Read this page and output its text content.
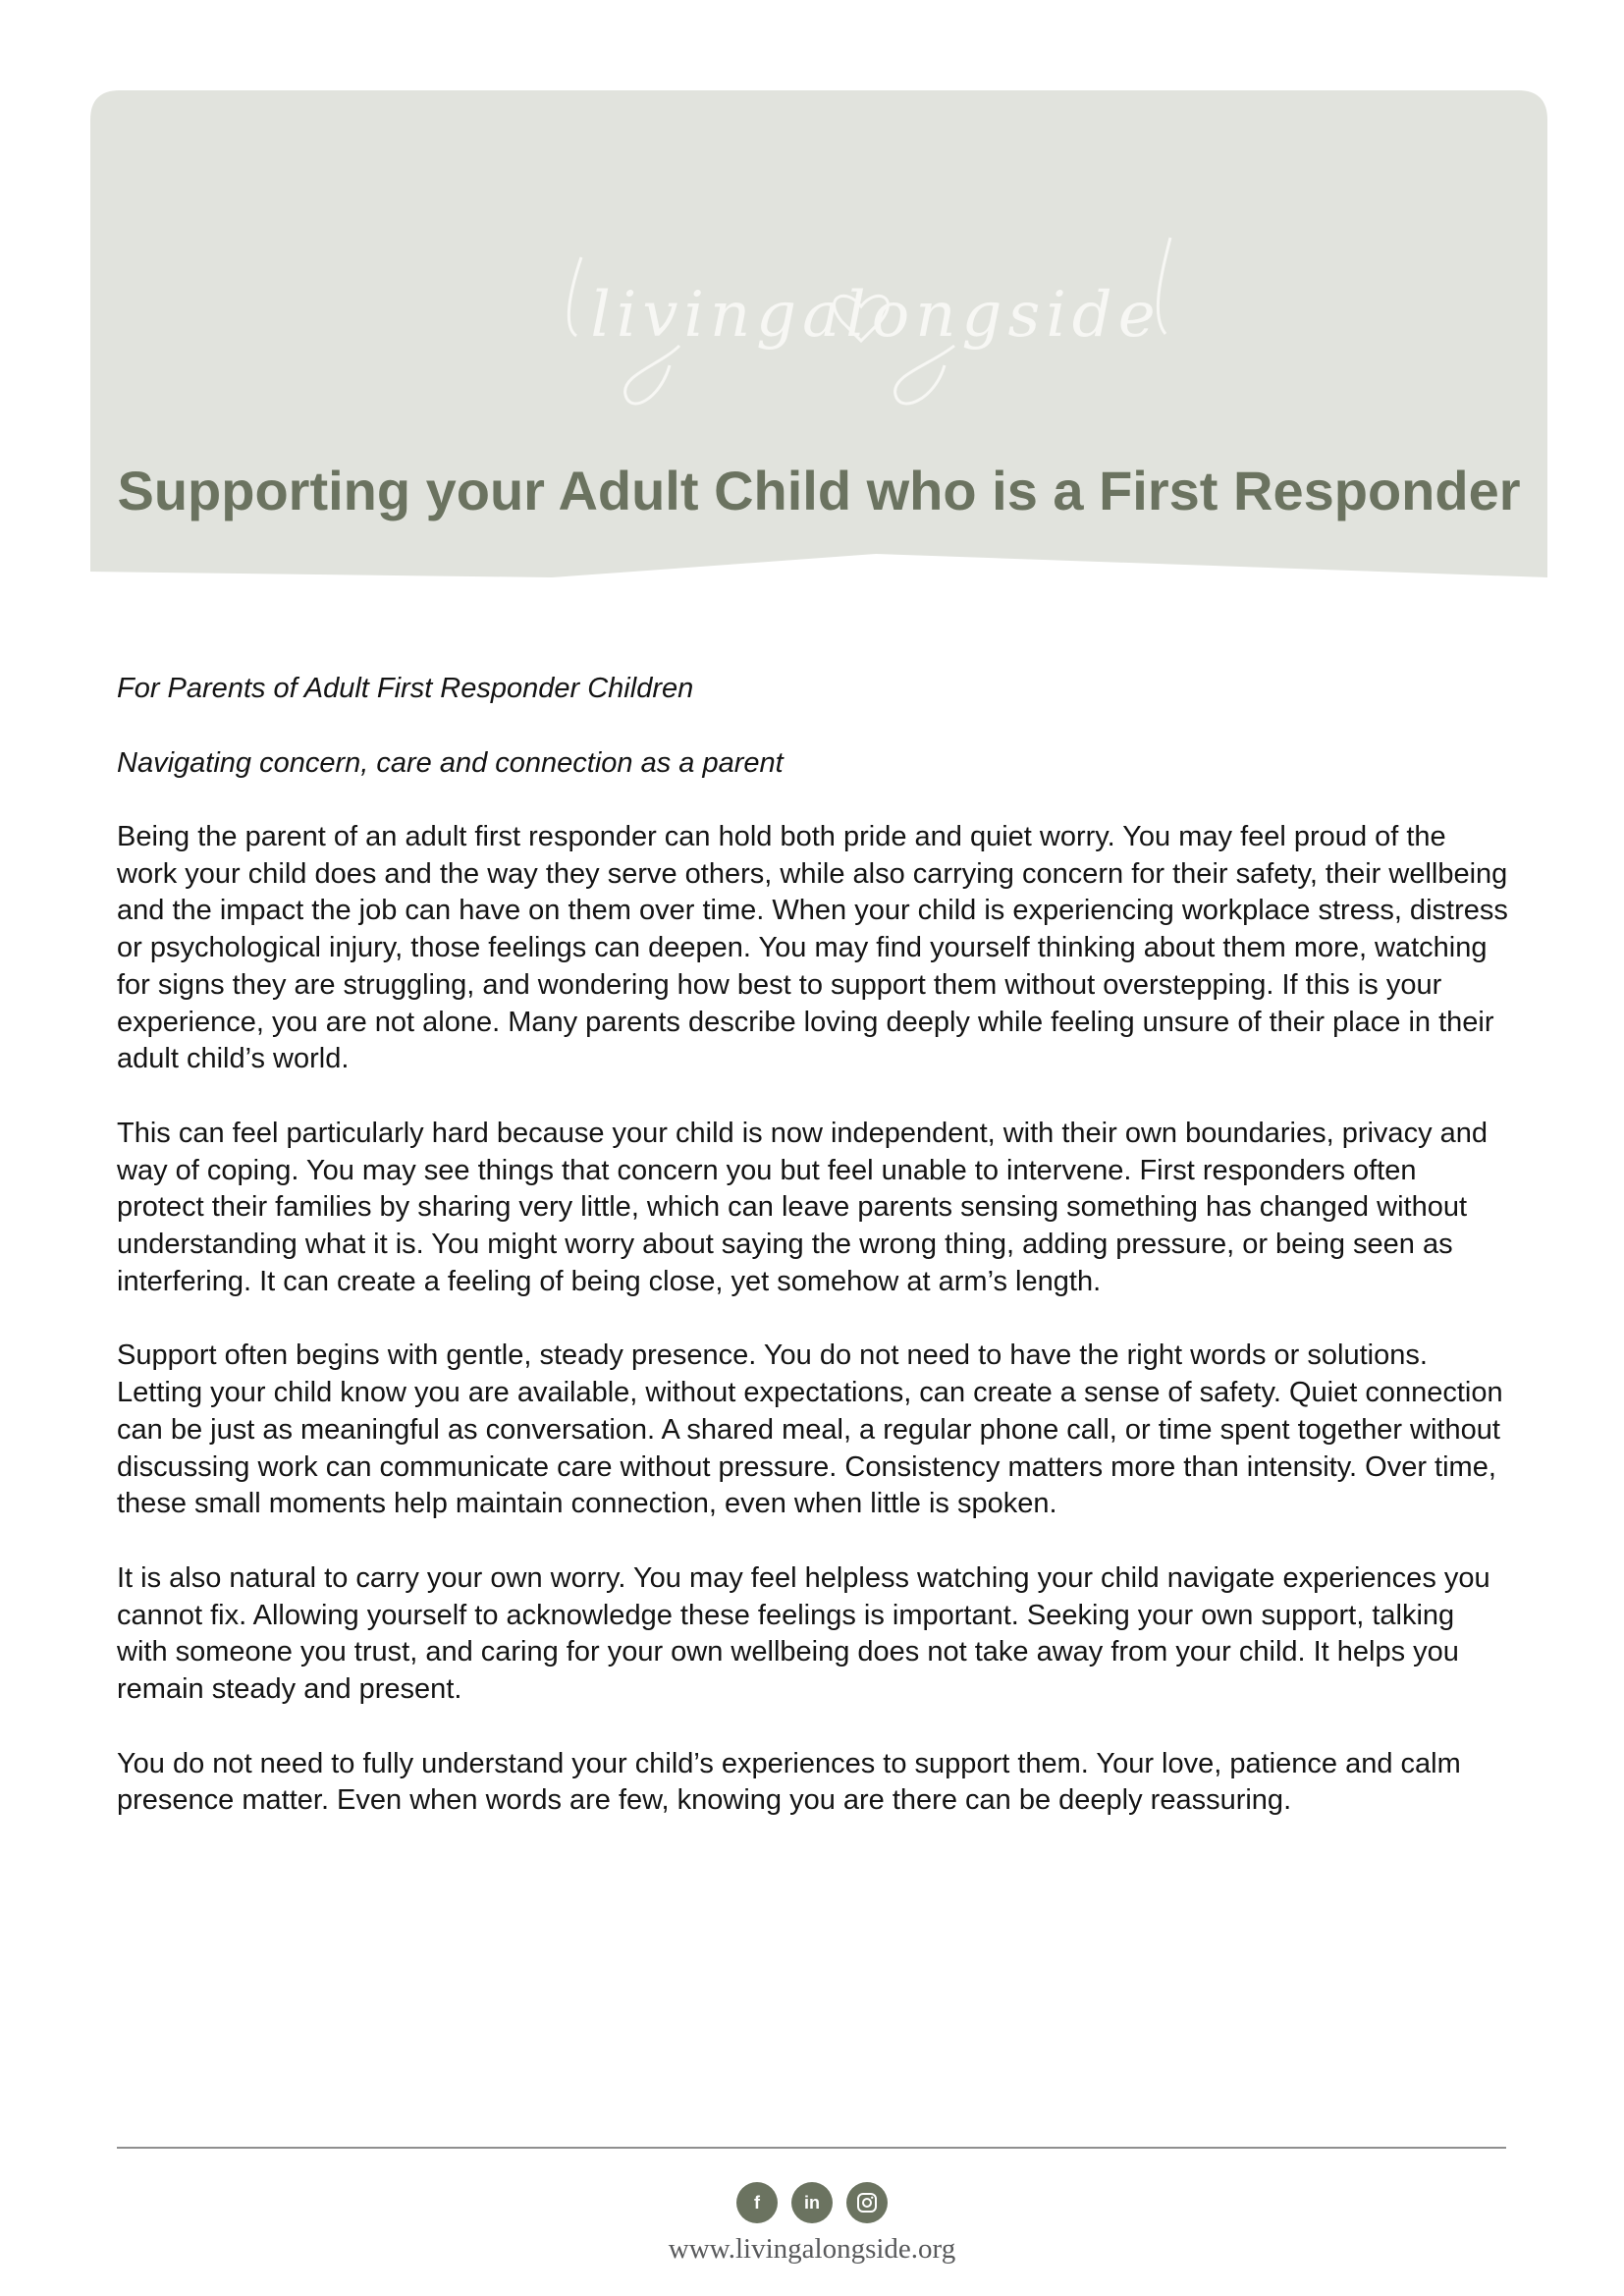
livingalongside
Supporting your Adult Child who is a First Responder

For Parents of Adult First Responder Children

Navigating concern, care and connection as a parent

Being the parent of an adult first responder can hold both pride and quiet worry. You may feel proud of the work your child does and the way they serve others, while also carrying concern for their safety, their wellbeing and the impact the job can have on them over time. When your child is experiencing workplace stress, distress or psychological injury, those feelings can deepen. You may find yourself thinking about them more, watching for signs they are struggling, and wondering how best to support them without overstepping. If this is your experience, you are not alone. Many parents describe loving deeply while feeling unsure of their place in their adult child’s world.

This can feel particularly hard because your child is now independent, with their own boundaries, privacy and way of coping. You may see things that concern you but feel unable to intervene. First responders often protect their families by sharing very little, which can leave parents sensing something has changed without understanding what it is. You might worry about saying the wrong thing, adding pressure, or being seen as interfering. It can create a feeling of being close, yet somehow at arm’s length.

Support often begins with gentle, steady presence. You do not need to have the right words or solutions. Letting your child know you are available, without expectations, can create a sense of safety. Quiet connection can be just as meaningful as conversation. A shared meal, a regular phone call, or time spent together without discussing work can communicate care without pressure. Consistency matters more than intensity. Over time, these small moments help maintain connection, even when little is spoken.

It is also natural to carry your own worry. You may feel helpless watching your child navigate experiences you cannot fix. Allowing yourself to acknowledge these feelings is important. Seeking your own support, talking with someone you trust, and caring for your own wellbeing does not take away from your child. It helps you remain steady and present.

You do not need to fully understand your child’s experiences to support them. Your love, patience and calm presence matter. Even when words are few, knowing you are there can be deeply reassuring.

f	in
www.livingalongside.org
